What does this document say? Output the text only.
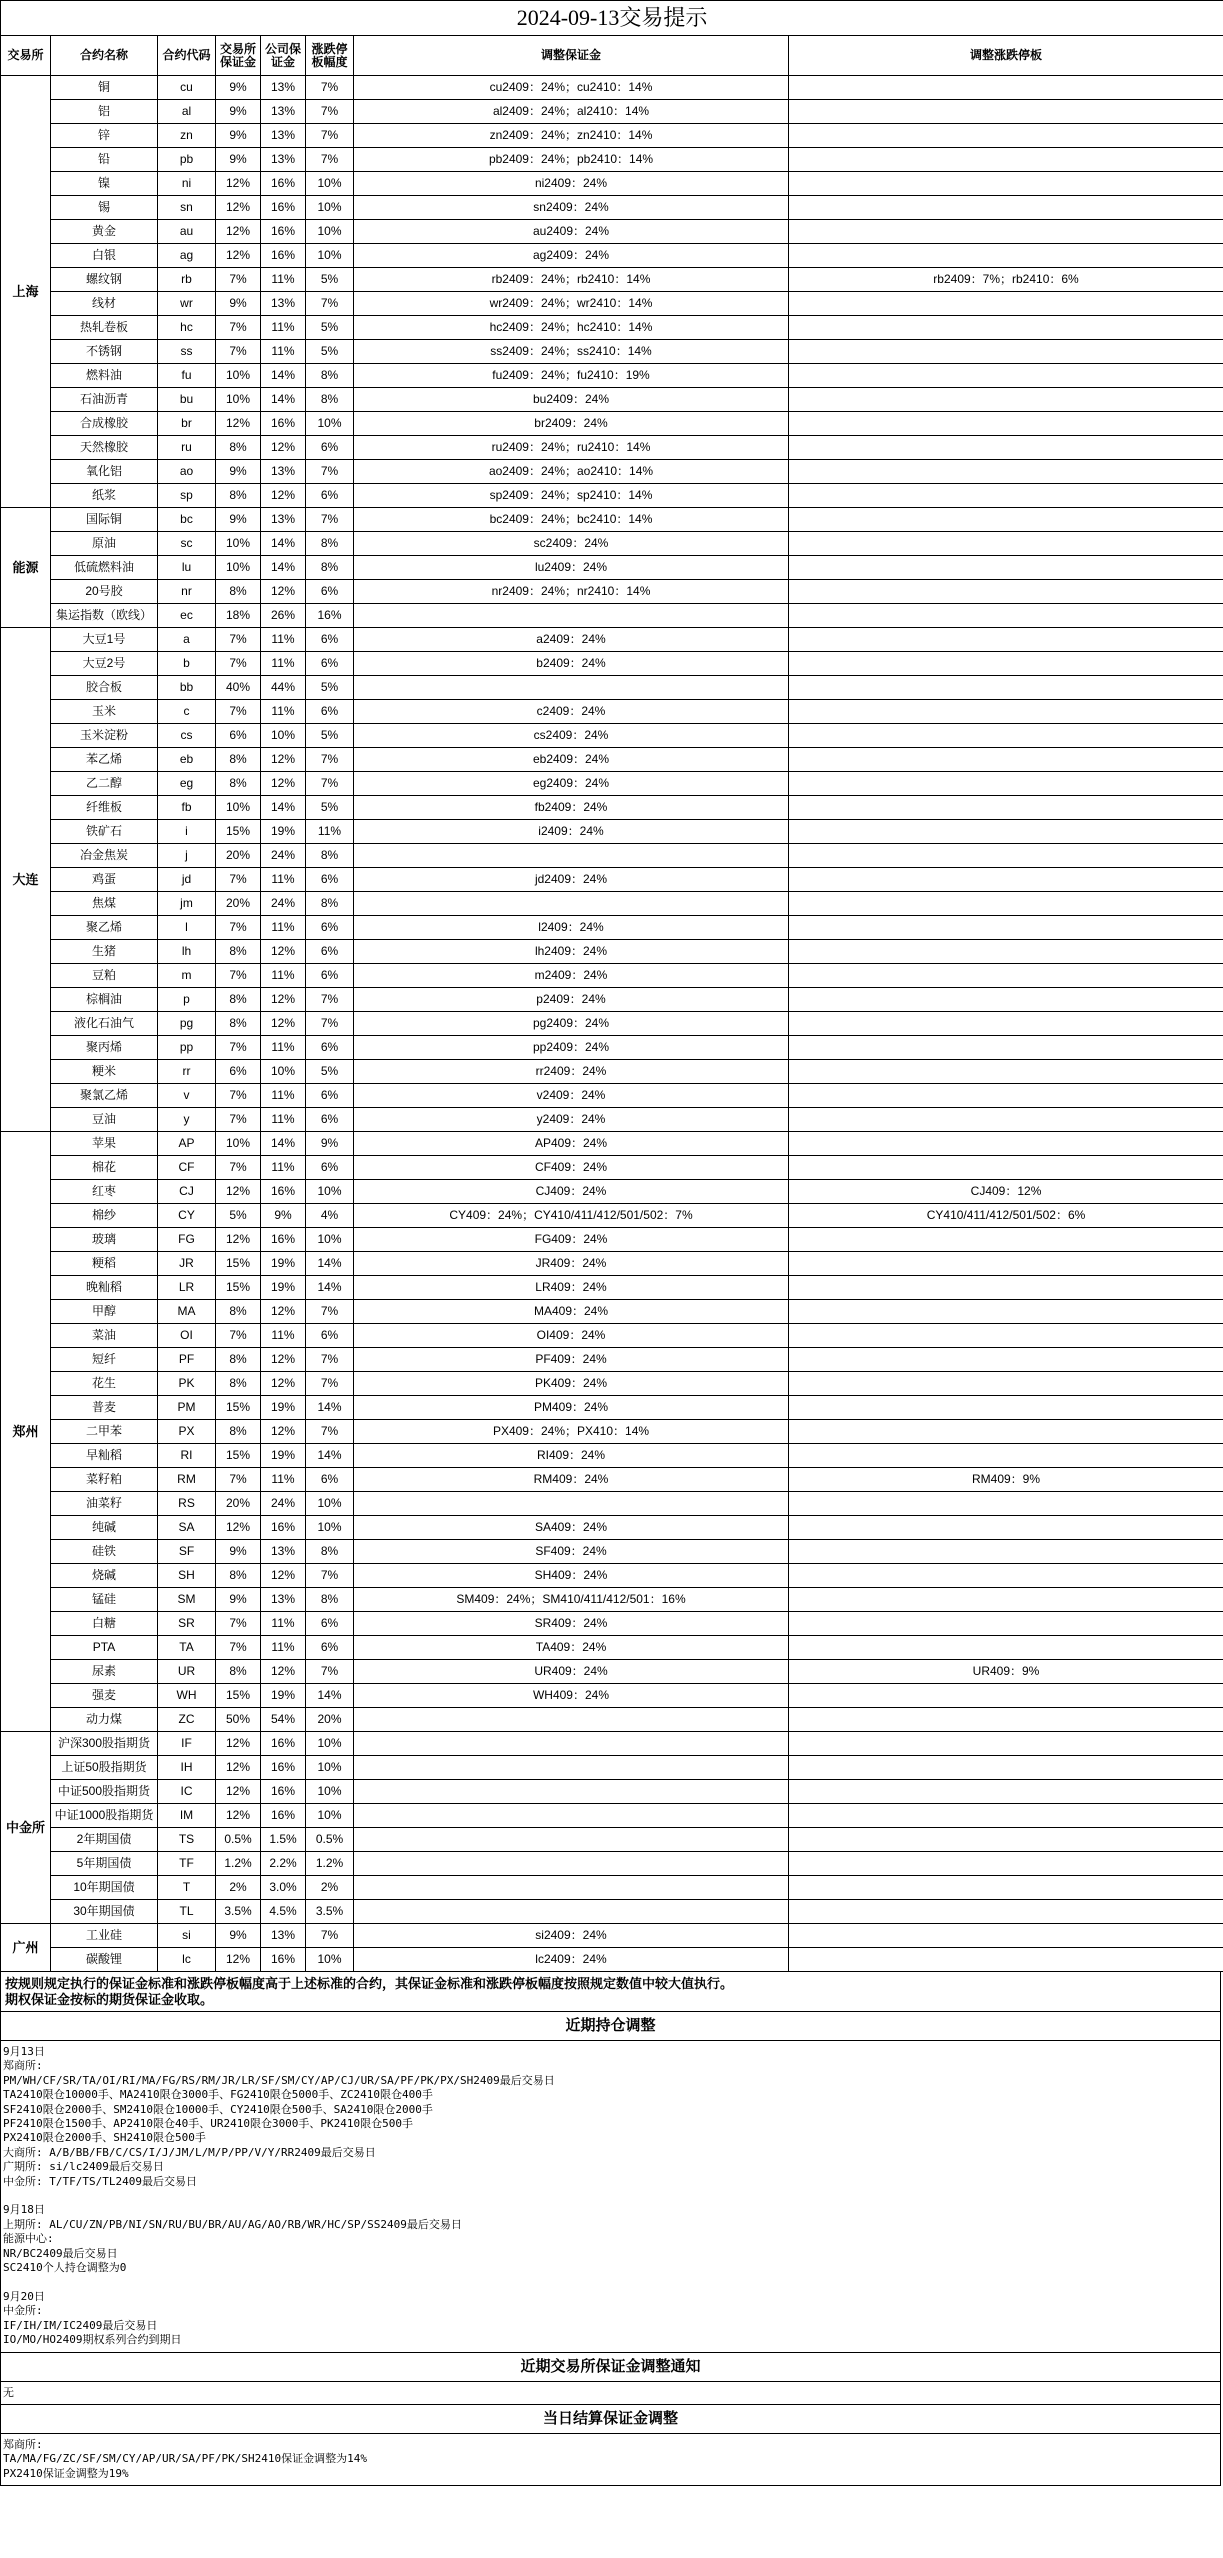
2024-09-13交易提示							
交易所	合约名称	合约代码	交易所保证金	公司保证金	涨跌停板幅度	调整保证金	调整涨跌停板
上海	铜	cu	9%	13%	7%	cu2409：24%；cu2410：14%	
	铝	al	9%	13%	7%	al2409：24%；al2410：14%	
	锌	zn	9%	13%	7%	zn2409：24%；zn2410：14%	
	铅	pb	9%	13%	7%	pb2409：24%；pb2410：14%	
	镍	ni	12%	16%	10%	ni2409：24%	
	锡	sn	12%	16%	10%	sn2409：24%	
	黄金	au	12%	16%	10%	au2409：24%	
	白银	ag	12%	16%	10%	ag2409：24%	
	螺纹钢	rb	7%	11%	5%	rb2409：24%；rb2410：14%	rb2409：7%；rb2410：6%
	线材	wr	9%	13%	7%	wr2409：24%；wr2410：14%	
	热轧卷板	hc	7%	11%	5%	hc2409：24%；hc2410：14%	
	不锈钢	ss	7%	11%	5%	ss2409：24%；ss2410：14%	
	燃料油	fu	10%	14%	8%	fu2409：24%；fu2410：19%	
	石油沥青	bu	10%	14%	8%	bu2409：24%	
	合成橡胶	br	12%	16%	10%	br2409：24%	
	天然橡胶	ru	8%	12%	6%	ru2409：24%；ru2410：14%	
	氧化铝	ao	9%	13%	7%	ao2409：24%；ao2410：14%	
	纸浆	sp	8%	12%	6%	sp2409：24%；sp2410：14%	
能源	国际铜	bc	9%	13%	7%	bc2409：24%；bc2410：14%	
	原油	sc	10%	14%	8%	sc2409：24%	
	低硫燃料油	lu	10%	14%	8%	lu2409：24%	
	20号胶	nr	8%	12%	6%	nr2409：24%；nr2410：14%	
	集运指数（欧线）	ec	18%	26%	16%		
大连	大豆1号	a	7%	11%	6%	a2409：24%	
	大豆2号	b	7%	11%	6%	b2409：24%	
	胶合板	bb	40%	44%	5%		
	玉米	c	7%	11%	6%	c2409：24%	
	玉米淀粉	cs	6%	10%	5%	cs2409：24%	
	苯乙烯	eb	8%	12%	7%	eb2409：24%	
	乙二醇	eg	8%	12%	7%	eg2409：24%	
	纤维板	fb	10%	14%	5%	fb2409：24%	
	铁矿石	i	15%	19%	11%	i2409：24%	
	冶金焦炭	j	20%	24%	8%		
	鸡蛋	jd	7%	11%	6%	jd2409：24%	
	焦煤	jm	20%	24%	8%		
	聚乙烯	l	7%	11%	6%	l2409：24%	
	生猪	lh	8%	12%	6%	lh2409：24%	
	豆粕	m	7%	11%	6%	m2409：24%	
	棕榈油	p	8%	12%	7%	p2409：24%	
	液化石油气	pg	8%	12%	7%	pg2409：24%	
	聚丙烯	pp	7%	11%	6%	pp2409：24%	
	粳米	rr	6%	10%	5%	rr2409：24%	
	聚氯乙烯	v	7%	11%	6%	v2409：24%	
	豆油	y	7%	11%	6%	y2409：24%	
郑州	苹果	AP	10%	14%	9%	AP409：24%	
	棉花	CF	7%	11%	6%	CF409：24%	
	红枣	CJ	12%	16%	10%	CJ409：24%	CJ409：12%
	棉纱	CY	5%	9%	4%	CY409：24%；CY410/411/412/501/502：7%	CY410/411/412/501/502：6%
	玻璃	FG	12%	16%	10%	FG409：24%	
	粳稻	JR	15%	19%	14%	JR409：24%	
	晚籼稻	LR	15%	19%	14%	LR409：24%	
	甲醇	MA	8%	12%	7%	MA409：24%	
	菜油	OI	7%	11%	6%	OI409：24%	
	短纤	PF	8%	12%	7%	PF409：24%	
	花生	PK	8%	12%	7%	PK409：24%	
	普麦	PM	15%	19%	14%	PM409：24%	
	二甲苯	PX	8%	12%	7%	PX409：24%；PX410：14%	
	早籼稻	RI	15%	19%	14%	RI409：24%	
	菜籽粕	RM	7%	11%	6%	RM409：24%	RM409：9%
	油菜籽	RS	20%	24%	10%		
	纯碱	SA	12%	16%	10%	SA409：24%	
	硅铁	SF	9%	13%	8%	SF409：24%	
	烧碱	SH	8%	12%	7%	SH409：24%	
	锰硅	SM	9%	13%	8%	SM409：24%；SM410/411/412/501：16%	
	白糖	SR	7%	11%	6%	SR409：24%	
	PTA	TA	7%	11%	6%	TA409：24%	
	尿素	UR	8%	12%	7%	UR409：24%	UR409：9%
	强麦	WH	15%	19%	14%	WH409：24%	
	动力煤	ZC	50%	54%	20%		
中金所	沪深300股指期货	IF	12%	16%	10%		
	上证50股指期货	IH	12%	16%	10%		
	中证500股指期货	IC	12%	16%	10%		
	中证1000股指期货	IM	12%	16%	10%		
	2年期国债	TS	0.5%	1.5%	0.5%		
	5年期国债	TF	1.2%	2.2%	1.2%		
	10年期国债	T	2%	3.0%	2%		
	30年期国债	TL	3.5%	4.5%	3.5%		
广州	工业硅	si	9%	13%	7%	si2409：24%	
	碳酸锂	lc	12%	16%	10%	lc2409：24%	
按规则规定执行的保证金标准和涨跌停板幅度高于上述标准的合约，其保证金标准和涨跌停板幅度按照规定数值中较大值执行。
期权保证金按标的期货保证金收取。
近期持仓调整
9月13日
郑商所:
PM/WH/CF/SR/TA/OI/RI/MA/FG/RS/RM/JR/LR/SF/SM/CY/AP/CJ/UR/SA/PF/PK/PX/SH2409最后交易日
TA2410限仓10000手、MA2410限仓3000手、FG2410限仓5000手、ZC2410限仓400手
SF2410限仓2000手、SM2410限仓10000手、CY2410限仓500手、SA2410限仓2000手
PF2410限仓1500手、AP2410限仓40手、UR2410限仓3000手、PK2410限仓500手
PX2410限仓2000手、SH2410限仓500手
大商所: A/B/BB/FB/C/CS/I/J/JM/L/M/P/PP/V/Y/RR2409最后交易日
广期所: si/lc2409最后交易日
中金所: T/TF/TS/TL2409最后交易日

9月18日
上期所: AL/CU/ZN/PB/NI/SN/RU/BU/BR/AU/AG/AO/RB/WR/HC/SP/SS2409最后交易日
能源中心:
NR/BC2409最后交易日
SC2410个人持仓调整为0

9月20日
中金所:
IF/IH/IM/IC2409最后交易日
IO/MO/HO2409期权系列合约到期日
近期交易所保证金调整通知
无
当日结算保证金调整
郑商所:
TA/MA/FG/ZC/SF/SM/CY/AP/UR/SA/PF/PK/SH2410保证金调整为14%
PX2410保证金调整为19%
